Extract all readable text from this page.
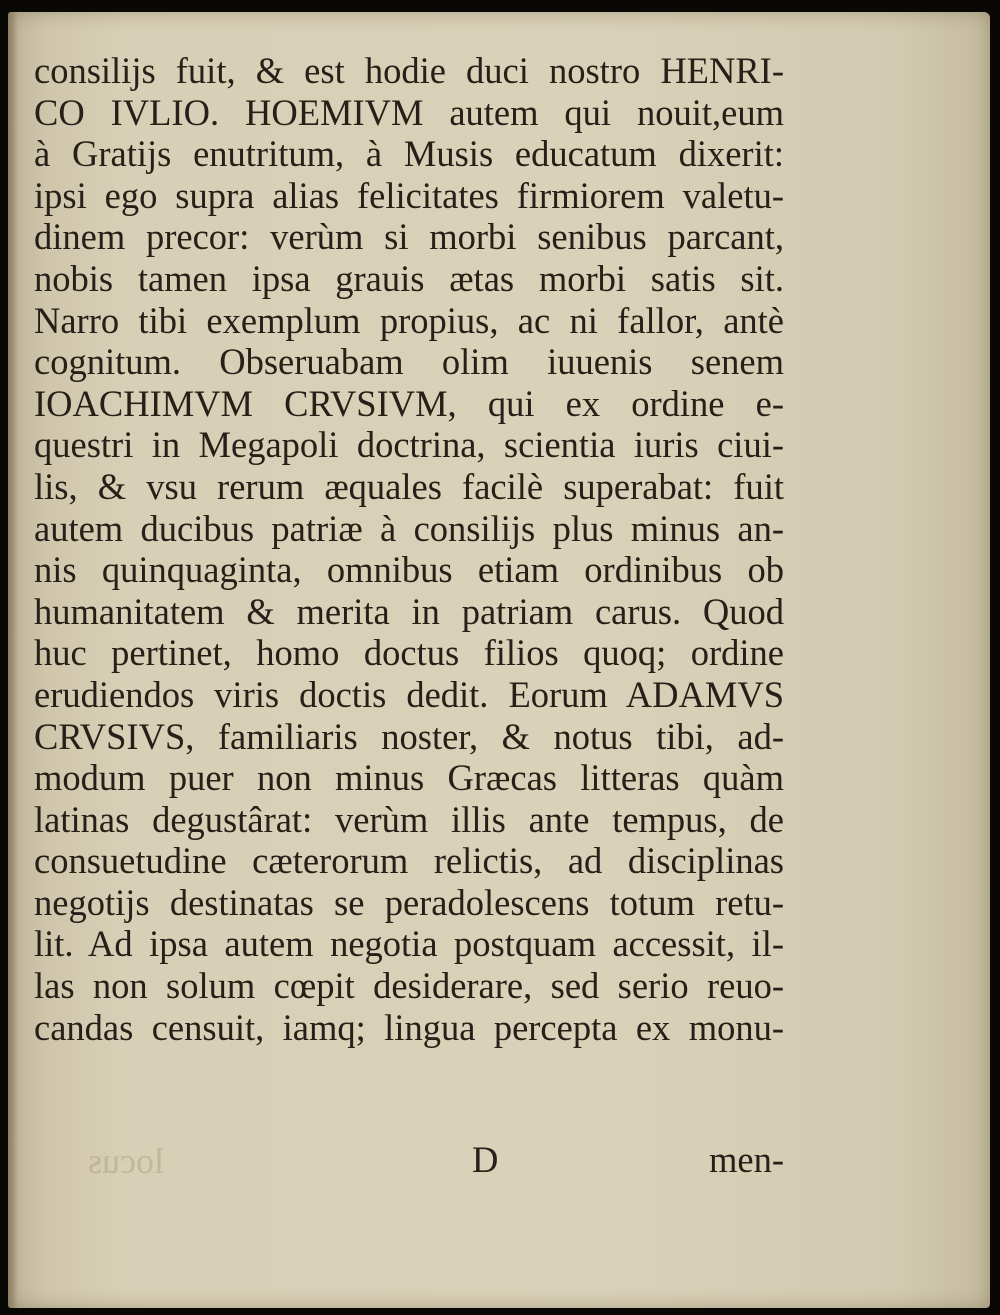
locus
consilijs fuit, & est hodie duci nostro HENRI-
CO IVLIO. HOEMIVM autem qui nouit,eum
à Gratijs enutritum, à Musis educatum dixerit:
ipsi ego supra alias felicitates firmiorem valetu-
dinem precor: verùm si morbi senibus parcant,
nobis tamen ipsa grauis ætas morbi satis sit.
Narro tibi exemplum propius, ac ni fallor, antè
cognitum. Obseruabam olim iuuenis senem
IOACHIMVM CRVSIVM, qui ex ordine e-
questri in Megapoli doctrina, scientia iuris ciui-
lis, & vsu rerum æquales facilè superabat: fuit
autem ducibus patriæ à consilijs plus minus an-
nis quinquaginta, omnibus etiam ordinibus ob
humanitatem & merita in patriam carus. Quod
huc pertinet, homo doctus filios quoq; ordine
erudiendos viris doctis dedit. Eorum ADAMVS
CRVSIVS, familiaris noster, & notus tibi, ad-
modum puer non minus Græcas litteras quàm
latinas degustârat: verùm illis ante tempus, de
consuetudine cæterorum relictis, ad disciplinas
negotijs destinatas se peradolescens totum retu-
lit. Ad ipsa autem negotia postquam accessit, il-
las non solum cœpit desiderare, sed serio reuo-
candas censuit, iamq; lingua percepta ex monu-
D	men-
